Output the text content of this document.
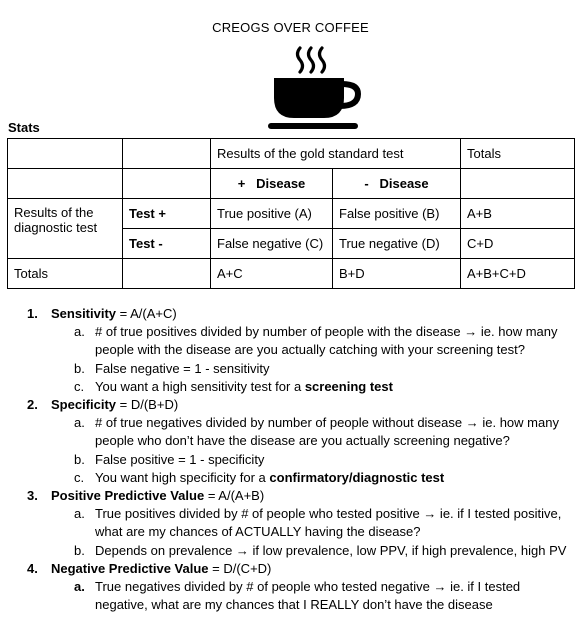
CREOGS OVER COFFEE
Stats
		Results of the gold standard test		Totals
		+   Disease	-   Disease	
Results of the diagnostic test	Test +	True positive (A)	False positive (B)	A+B
	Test -	False negative (C)	True negative (D)	C+D
Totals		A+C	B+D	A+B+C+D
1. Sensitivity = A/(A+C)
a. # of true positives divided by number of people with the disease → ie. how many people with the disease are you actually catching with your screening test?
b. False negative = 1 - sensitivity
c. You want a high sensitivity test for a screening test
2. Specificity = D/(B+D)
a. # of true negatives divided by number of people without disease → ie. how many people who don’t have the disease are you actually screening negative?
b. False positive = 1 - specificity
c. You want high specificity for a confirmatory/diagnostic test
3. Positive Predictive Value = A/(A+B)
a. True positives divided by # of people who tested positive → ie. if I tested positive, what are my chances of ACTUALLY having the disease?
b. Depends on prevalence → if low prevalence, low PPV, if high prevalence, high PV
4. Negative Predictive Value = D/(C+D)
a. True negatives divided by # of people who tested negative → ie. if I tested negative, what are my chances that I REALLY don’t have the disease
